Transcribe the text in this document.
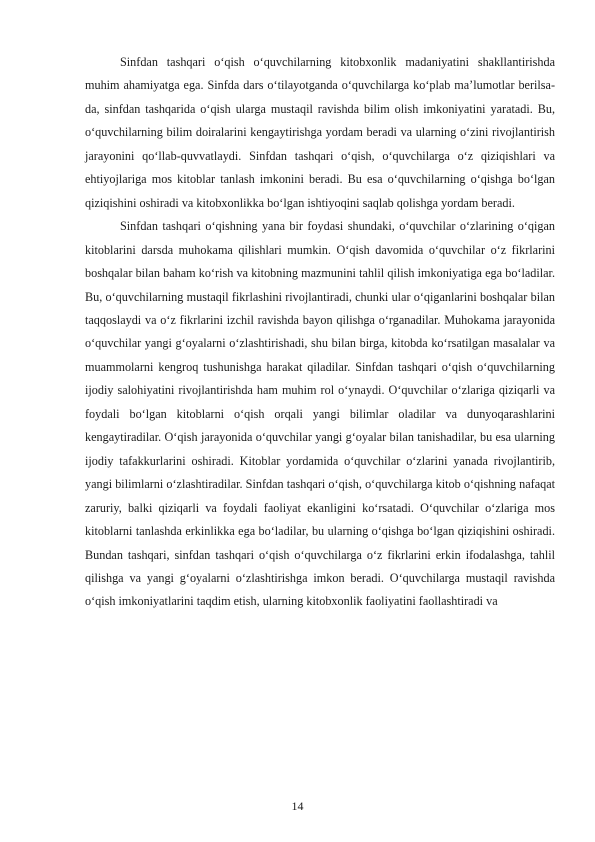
Sinfdan tashqari o‘qish o‘quvchilarning kitobxonlik madaniyatini shakllantirishda muhim ahamiyatga ega. Sinfda dars o‘tilayotganda o‘quvchilarga ko‘plab ma’lumotlar berilsa-da, sinfdan tashqarida o‘qish ularga mustaqil ravishda bilim olish imkoniyatini yaratadi. Bu, o‘quvchilarning bilim doiralarini kengaytirishga yordam beradi va ularning o‘zini rivojlantirish jarayonini qo‘llab-quvvatlaydi. Sinfdan tashqari o‘qish, o‘quvchilarga o‘z qiziqishlari va ehtiyojlariga mos kitoblar tanlash imkonini beradi. Bu esa o‘quvchilarning o‘qishga bo‘lgan qiziqishini oshiradi va kitobxonlikka bo‘lgan ishtiyoqini saqlab qolishga yordam beradi.

Sinfdan tashqari o‘qishning yana bir foydasi shundaki, o‘quvchilar o‘zlarining o‘qigan kitoblarini darsda muhokama qilishlari mumkin. O‘qish davomida o‘quvchilar o‘z fikrlarini boshqalar bilan baham ko‘rish va kitobning mazmunini tahlil qilish imkoniyatiga ega bo‘ladilar. Bu, o‘quvchilarning mustaqil fikrlashini rivojlantiradi, chunki ular o‘qiganlarini boshqalar bilan taqqoslaydi va o‘z fikrlarini izchil ravishda bayon qilishga o‘rganadilar. Muhokama jarayonida o‘quvchilar yangi g‘oyalarni o‘zlashtirishadi, shu bilan birga, kitobda ko‘rsatilgan masalalar va muammolarni kengroq tushunishga harakat qiladilar. Sinfdan tashqari o‘qish o‘quvchilarning ijodiy salohiyatini rivojlantirishda ham muhim rol o‘ynaydi. O‘quvchilar o‘zlariga qiziqarli va foydali bo‘lgan kitoblarni o‘qish orqali yangi bilimlar oladilar va dunyoqarashlarini kengaytiradilar. O‘qish jarayonida o‘quvchilar yangi g‘oyalar bilan tanishadilar, bu esa ularning ijodiy tafakkurlarini oshiradi. Kitoblar yordamida o‘quvchilar o‘zlarini yanada rivojlantirib, yangi bilimlarni o‘zlashtiradilar. Sinfdan tashqari o‘qish, o‘quvchilarga kitob o‘qishning nafaqat zaruriy, balki qiziqarli va foydali faoliyat ekanligini ko‘rsatadi. O‘quvchilar o‘zlariga mos kitoblarni tanlashda erkinlikka ega bo‘ladilar, bu ularning o‘qishga bo‘lgan qiziqishini oshiradi. Bundan tashqari, sinfdan tashqari o‘qish o‘quvchilarga o‘z fikrlarini erkin ifodalashga, tahlil qilishga va yangi g‘oyalarni o‘zlashtirishga imkon beradi. O‘quvchilarga mustaqil ravishda o‘qish imkoniyatlarini taqdim etish, ularning kitobxonlik faoliyatini faollashtiradi va

14
